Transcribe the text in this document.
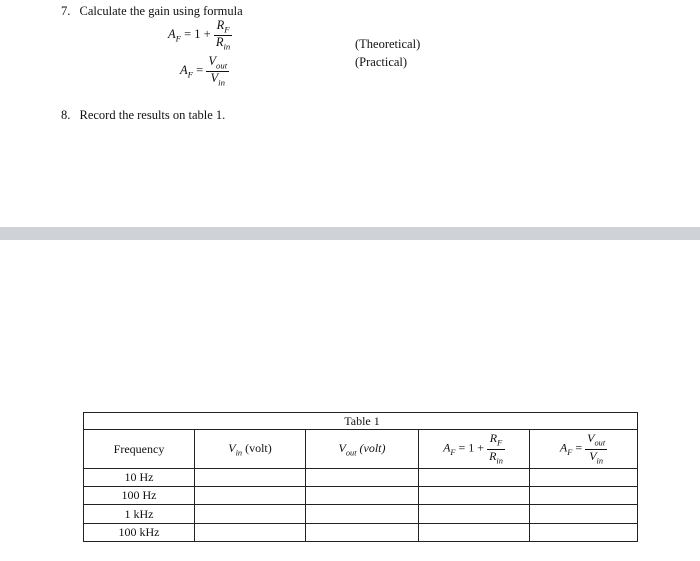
7. Calculate the gain using formula
$A_F = 1 + \frac{R_F}{R_{in}}$	(Theoretical)
$A_F = \frac{V_{out}}{V_{in}}$	(Practical)
8. Record the results on table 1.
		Table 1		
Frequency	$V_{in}$ (volt)	$V_{out}$ (volt)	$A_F = 1 + \frac{R_F}{R_{in}}$	$A_F = \frac{V_{out}}{V_{in}}$

10 Hz				
100 Hz				
1 kHz				
100 kHz				
